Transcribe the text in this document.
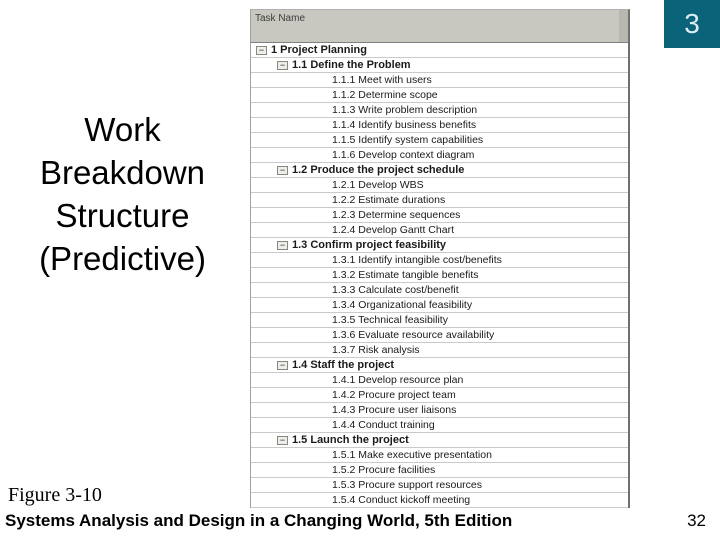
3
Work Breakdown Structure (Predictive)
Task Name
− 1 Project Planning
− 1.1 Define the Problem
1.1.1 Meet with users
1.1.2 Determine scope
1.1.3 Write problem description
1.1.4 Identify business benefits
1.1.5 Identify system capabilities
1.1.6 Develop context diagram
− 1.2 Produce the project schedule
1.2.1 Develop WBS
1.2.2 Estimate durations
1.2.3 Determine sequences
1.2.4 Develop Gantt Chart
− 1.3 Confirm project feasibility
1.3.1 Identify intangible cost/benefits
1.3.2 Estimate tangible benefits
1.3.3 Calculate cost/benefit
1.3.4 Organizational feasibility
1.3.5 Technical feasibility
1.3.6 Evaluate resource availability
1.3.7 Risk analysis
− 1.4 Staff the project
1.4.1 Develop resource plan
1.4.2 Procure project team
1.4.3 Procure user liaisons
1.4.4 Conduct training
− 1.5 Launch the project
1.5.1 Make executive presentation
1.5.2 Procure facilities
1.5.3 Procure support resources
1.5.4 Conduct kickoff meeting
Figure 3-10
Systems Analysis and Design in a Changing World, 5th Edition	32
